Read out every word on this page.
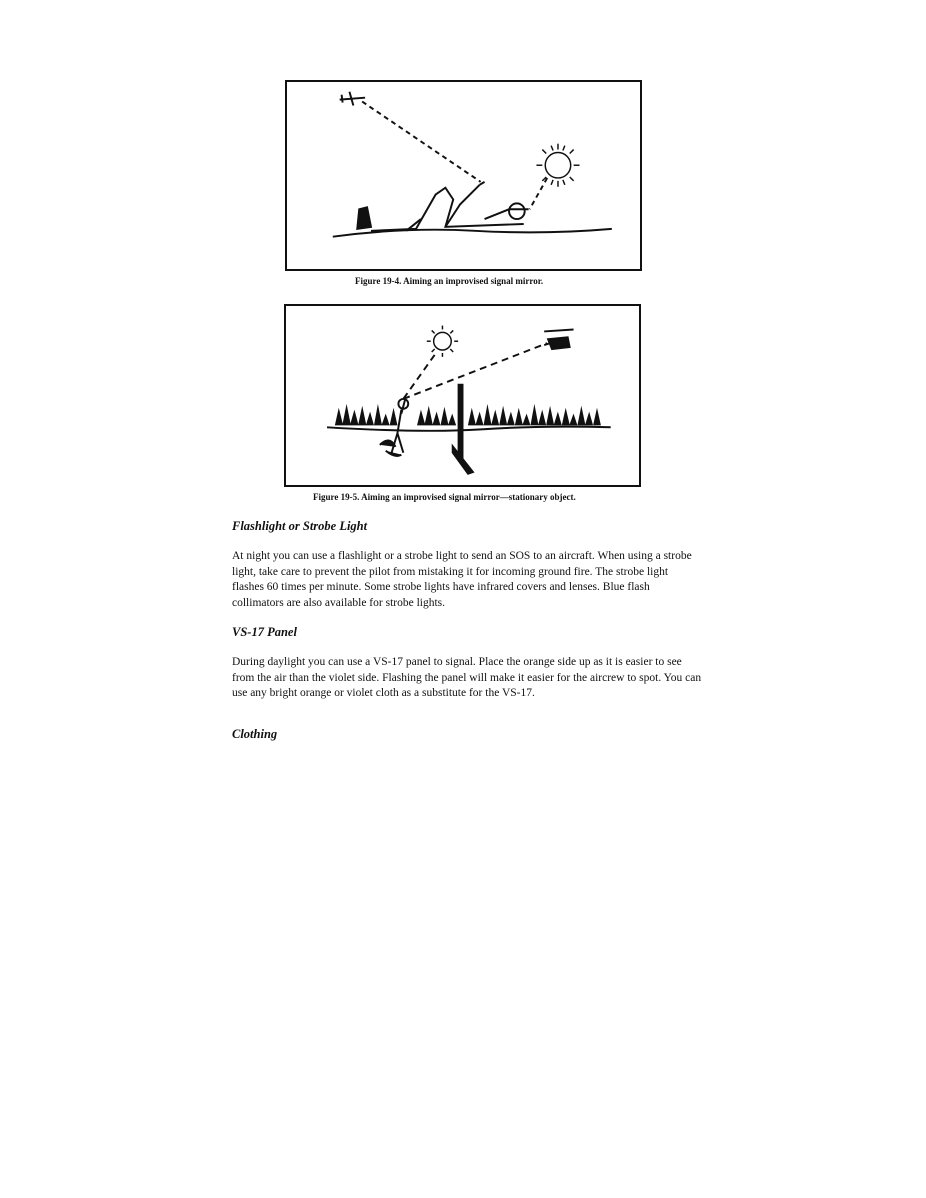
Figure 19-4. Aiming an improvised signal mirror.
Figure 19-5. Aiming an improvised signal mirror—stationary object.
Flashlight or Strobe Light

At night you can use a flashlight or a strobe light to send an SOS to an aircraft. When using a strobe light, take care to prevent the pilot from mistaking it for incoming ground fire. The strobe light flashes 60 times per minute. Some strobe lights have infrared covers and lenses. Blue flash collimators are also available for strobe lights.

VS-17 Panel

During daylight you can use a VS-17 panel to signal. Place the orange side up as it is easier to see from the air than the violet side. Flashing the panel will make it easier for the aircrew to spot. You can use any bright orange or violet cloth as a substitute for the VS-17.

Clothing
